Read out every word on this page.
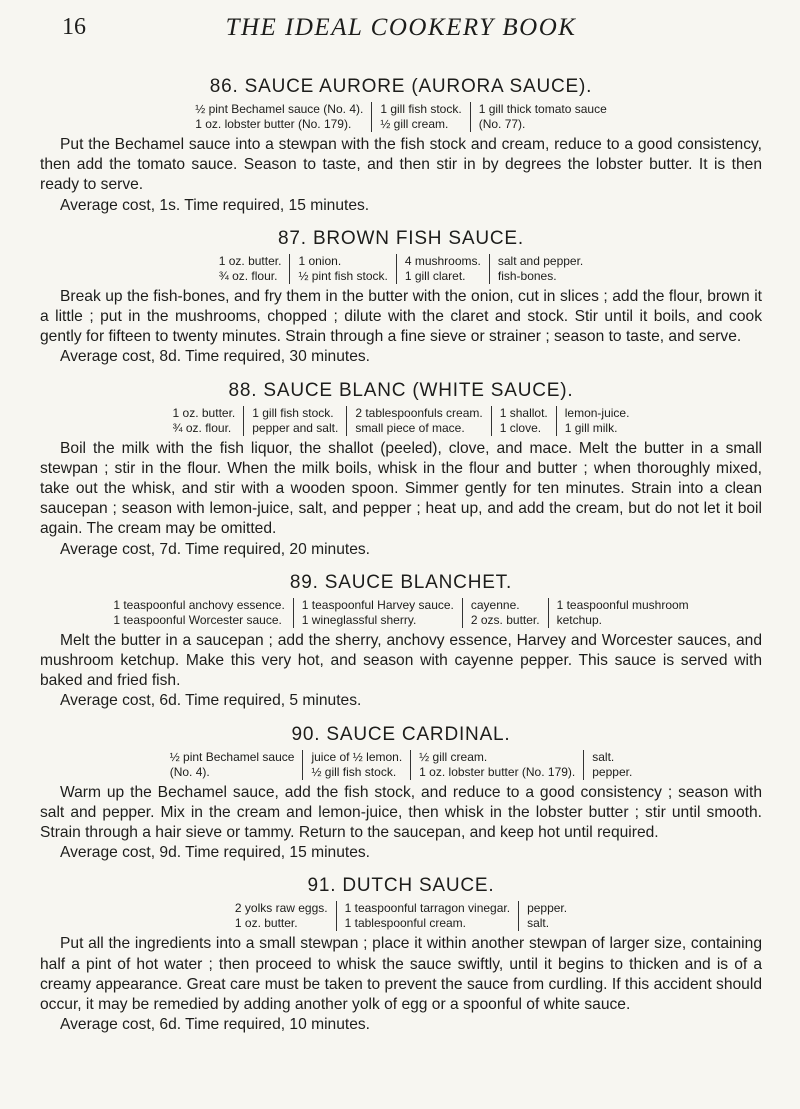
16	THE IDEAL COOKERY BOOK
86. SAUCE AURORE (AURORA SAUCE).
½ pint Bechamel sauce (No. 4).
1 oz. lobster butter (No. 179).
1 gill fish stock.
½ gill cream.
1 gill thick tomato sauce
(No. 77).

Put the Bechamel sauce into a stewpan with the fish stock and cream, reduce to a good consistency, then add the tomato sauce. Season to taste, and then stir in by degrees the lobster butter. It is then ready to serve.

Average cost, 1s. Time required, 15 minutes.

87. BROWN FISH SAUCE.
1 oz. butter.
¾ oz. flour.
1 onion.
½ pint fish stock.
4 mushrooms.
1 gill claret.
salt and pepper.
fish-bones.

Break up the fish-bones, and fry them in the butter with the onion, cut in slices ; add the flour, brown it a little ; put in the mushrooms, chopped ; dilute with the claret and stock. Stir until it boils, and cook gently for fifteen to twenty minutes. Strain through a fine sieve or strainer ; season to taste, and serve.

Average cost, 8d. Time required, 30 minutes.

88. SAUCE BLANC (WHITE SAUCE).
1 oz. butter.
¾ oz. flour.
1 gill fish stock.
pepper and salt.
2 tablespoonfuls cream.
small piece of mace.
1 shallot.
1 clove.
lemon-juice.
1 gill milk.

Boil the milk with the fish liquor, the shallot (peeled), clove, and mace. Melt the butter in a small stewpan ; stir in the flour. When the milk boils, whisk in the flour and butter ; when thoroughly mixed, take out the whisk, and stir with a wooden spoon. Simmer gently for ten minutes. Strain into a clean saucepan ; season with lemon-juice, salt, and pepper ; heat up, and add the cream, but do not let it boil again. The cream may be omitted.

Average cost, 7d. Time required, 20 minutes.

89. SAUCE BLANCHET.
1 teaspoonful anchovy essence.
1 teaspoonful Worcester sauce.
1 teaspoonful Harvey sauce.
1 wineglassful sherry.
cayenne.
2 ozs. butter.
1 teaspoonful mushroom
ketchup.

Melt the butter in a saucepan ; add the sherry, anchovy essence, Harvey and Worcester sauces, and mushroom ketchup. Make this very hot, and season with cayenne pepper. This sauce is served with baked and fried fish.

Average cost, 6d. Time required, 5 minutes.

90. SAUCE CARDINAL.
½ pint Bechamel sauce
(No. 4).
juice of ½ lemon.
½ gill fish stock.
½ gill cream.
1 oz. lobster butter (No. 179).
salt.
pepper.

Warm up the Bechamel sauce, add the fish stock, and reduce to a good consistency ; season with salt and pepper. Mix in the cream and lemon-juice, then whisk in the lobster butter ; stir until smooth. Strain through a hair sieve or tammy. Return to the saucepan, and keep hot until required.

Average cost, 9d. Time required, 15 minutes.

91. DUTCH SAUCE.
2 yolks raw eggs.
1 oz. butter.
1 teaspoonful tarragon vinegar.
1 tablespoonful cream.
pepper.
salt.

Put all the ingredients into a small stewpan ; place it within another stewpan of larger size, containing half a pint of hot water ; then proceed to whisk the sauce swiftly, until it begins to thicken and is of a creamy appearance. Great care must be taken to prevent the sauce from curdling. If this accident should occur, it may be remedied by adding another yolk of egg or a spoonful of white sauce.

Average cost, 6d. Time required, 10 minutes.
